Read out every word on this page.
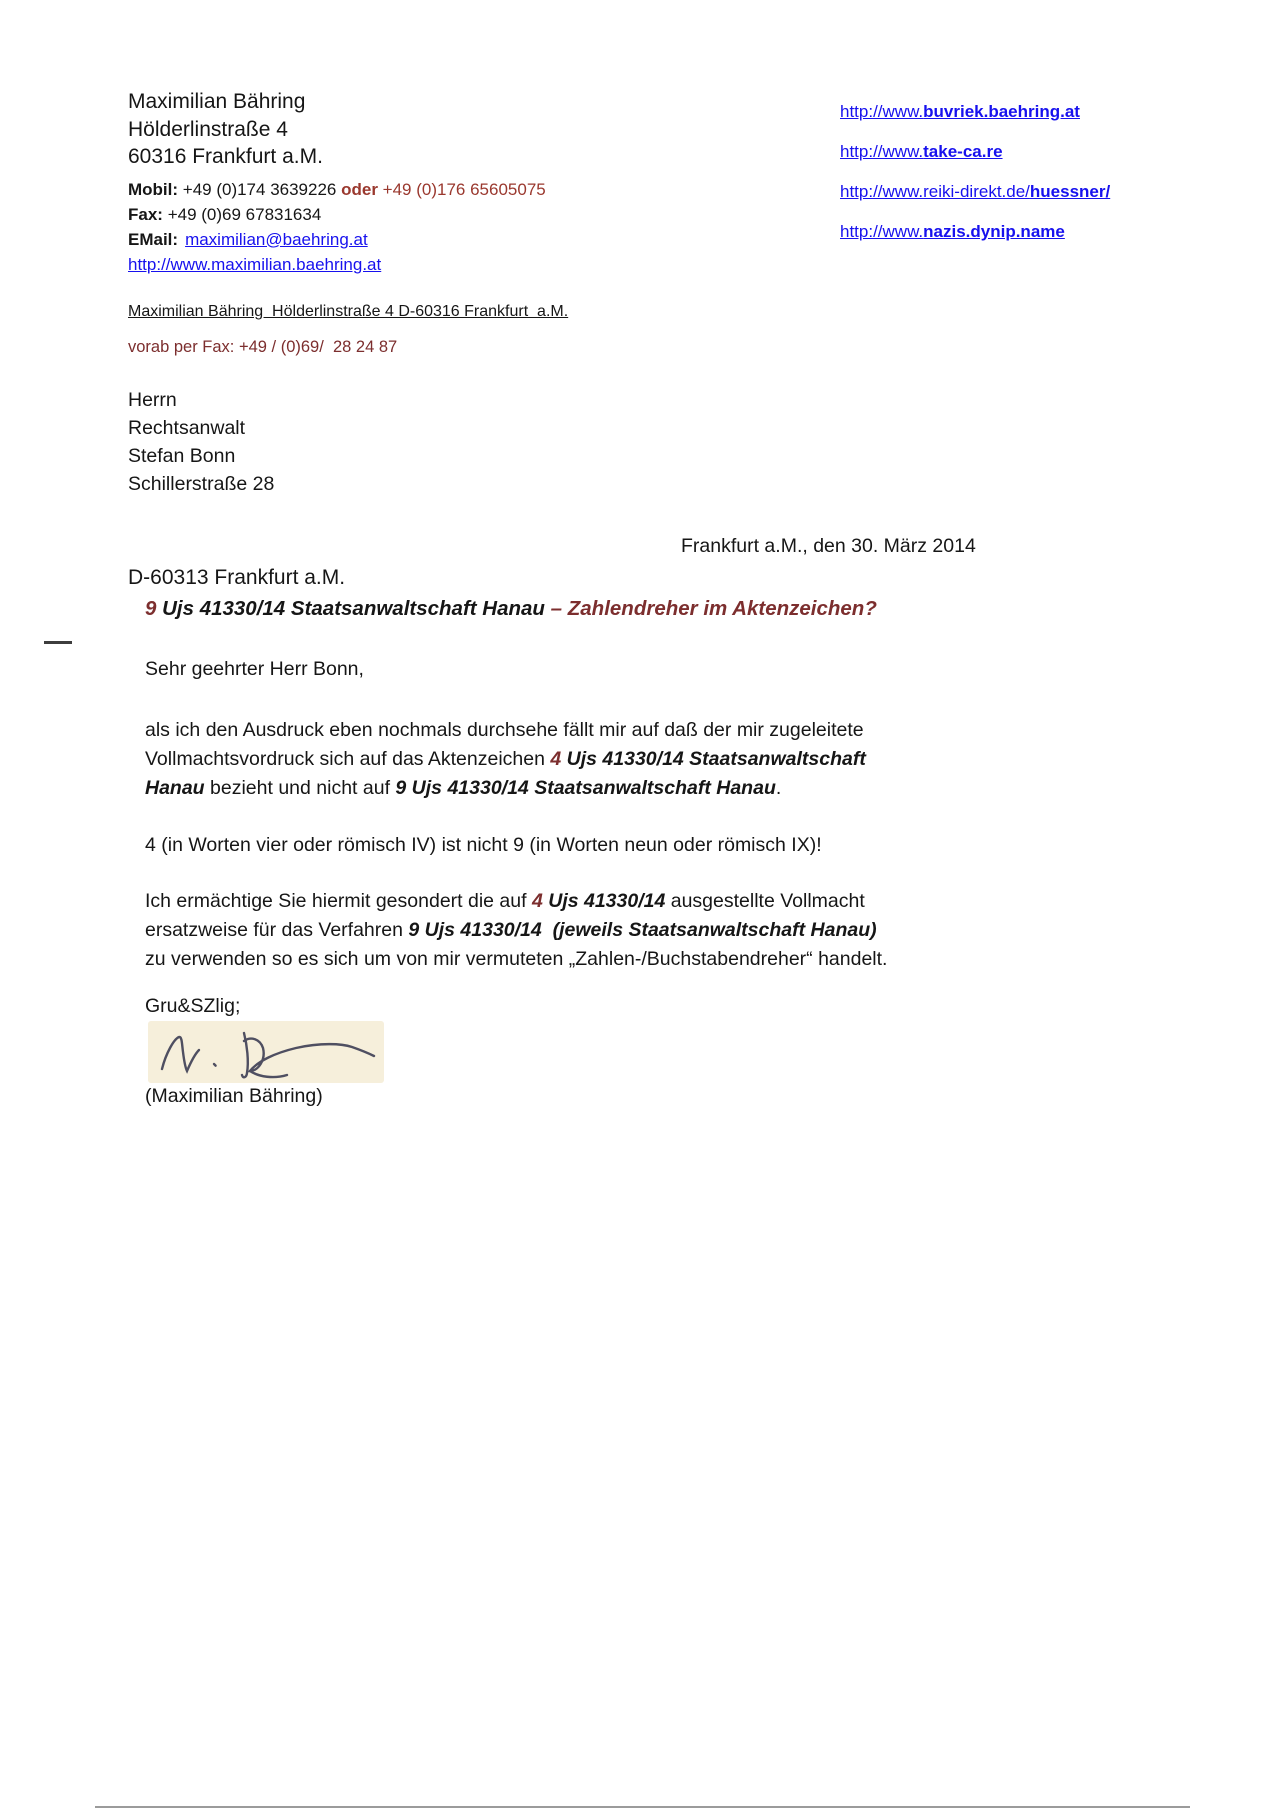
Maximilian Bähring
Hölderlinstraße 4
60316 Frankfurt a.M.
Mobil: +49 (0)174 3639226 oder +49 (0)176 65605075
Fax: +49 (0)69 67831634
EMail: maximilian@baehring.at
http://www.maximilian.baehring.at
http://www.buvriek.baehring.at
http://www.take-ca.re
http://www.reiki-direkt.de/huessner/
http://www.nazis.dynip.name
Maximilian Bähring  Hölderlinstraße 4 D-60316 Frankfurt  a.M.
vorab per Fax: +49 / (0)69/  28 24 87
Herrn
Rechtsanwalt
Stefan Bonn
Schillerstraße 28
D-60313 Frankfurt a.M.
Frankfurt a.M., den 30. März 2014
9 Ujs 41330/14 Staatsanwaltschaft Hanau – Zahlendreher im Aktenzeichen?
Sehr geehrter Herr Bonn,
als ich den Ausdruck eben nochmals durchsehe fällt mir auf daß der mir zugeleitete
Vollmachtsvordruck sich auf das Aktenzeichen 4 Ujs 41330/14 Staatsanwaltschaft
Hanau bezieht und nicht auf 9 Ujs 41330/14 Staatsanwaltschaft Hanau.
4 (in Worten vier oder römisch IV) ist nicht 9 (in Worten neun oder römisch IX)!
Ich ermächtige Sie hiermit gesondert die auf 4 Ujs 41330/14 ausgestellte Vollmacht
ersatzweise für das Verfahren 9 Ujs 41330/14  (jeweils Staatsanwaltschaft Hanau)
zu verwenden so es sich um von mir vermuteten „Zahlen-/Buchstabendreher“ handelt.
Gru&SZlig;
(Maximilian Bähring)
